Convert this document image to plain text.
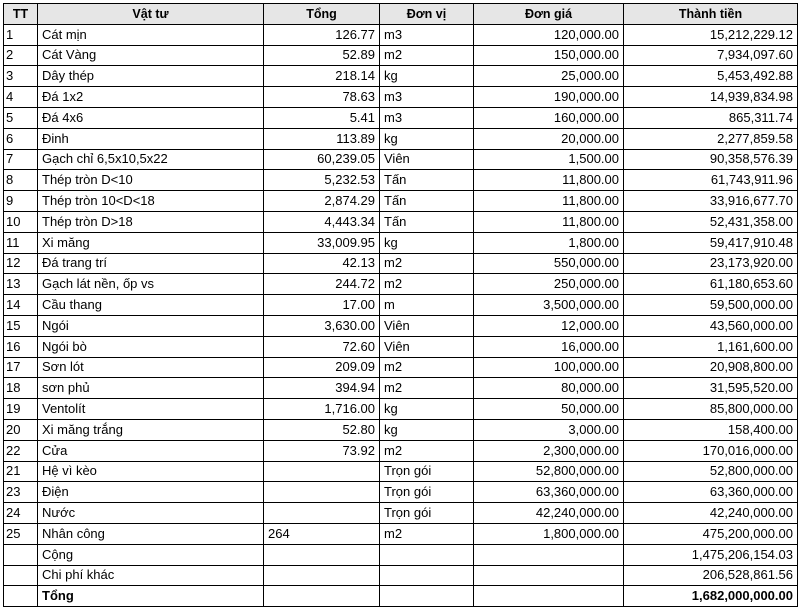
TT	Vật tư	Tổng	Đơn vị	Đơn giá	Thành tiền
1	Cát mịn	126.77	m3	120,000.00	15,212,229.12
2	Cát Vàng	52.89	m2	150,000.00	7,934,097.60
3	Dây thép	218.14	kg	25,000.00	5,453,492.88
4	Đá 1x2	78.63	m3	190,000.00	14,939,834.98
5	Đá 4x6	5.41	m3	160,000.00	865,311.74
6	Đinh	113.89	kg	20,000.00	2,277,859.58
7	Gạch chỉ 6,5x10,5x22	60,239.05	Viên	1,500.00	90,358,576.39
8	Thép tròn D<10	5,232.53	Tấn	11,800.00	61,743,911.96
9	Thép tròn 10<D<18	2,874.29	Tấn	11,800.00	33,916,677.70
10	Thép tròn D>18	4,443.34	Tấn	11,800.00	52,431,358.00
11	Xi măng	33,009.95	kg	1,800.00	59,417,910.48
12	Đá trang trí	42.13	m2	550,000.00	23,173,920.00
13	Gạch lát nền, ốp vs	244.72	m2	250,000.00	61,180,653.60
14	Cầu thang	17.00	m	3,500,000.00	59,500,000.00
15	Ngói	3,630.00	Viên	12,000.00	43,560,000.00
16	Ngói bò	72.60	Viên	16,000.00	1,161,600.00
17	Sơn lót	209.09	m2	100,000.00	20,908,800.00
18	sơn phủ	394.94	m2	80,000.00	31,595,520.00
19	Ventolít	1,716.00	kg	50,000.00	85,800,000.00
20	Xi măng trắng	52.80	kg	3,000.00	158,400.00
22	Cửa	73.92	m2	2,300,000.00	170,016,000.00
21	Hệ vì kèo		Trọn gói	52,800,000.00	52,800,000.00
23	Điện		Trọn gói	63,360,000.00	63,360,000.00
24	Nước		Trọn gói	42,240,000.00	42,240,000.00
25	Nhân công	264	m2	1,800,000.00	475,200,000.00
	Cộng				1,475,206,154.03
	Chi phí khác				206,528,861.56
	Tổng				1,682,000,000.00
